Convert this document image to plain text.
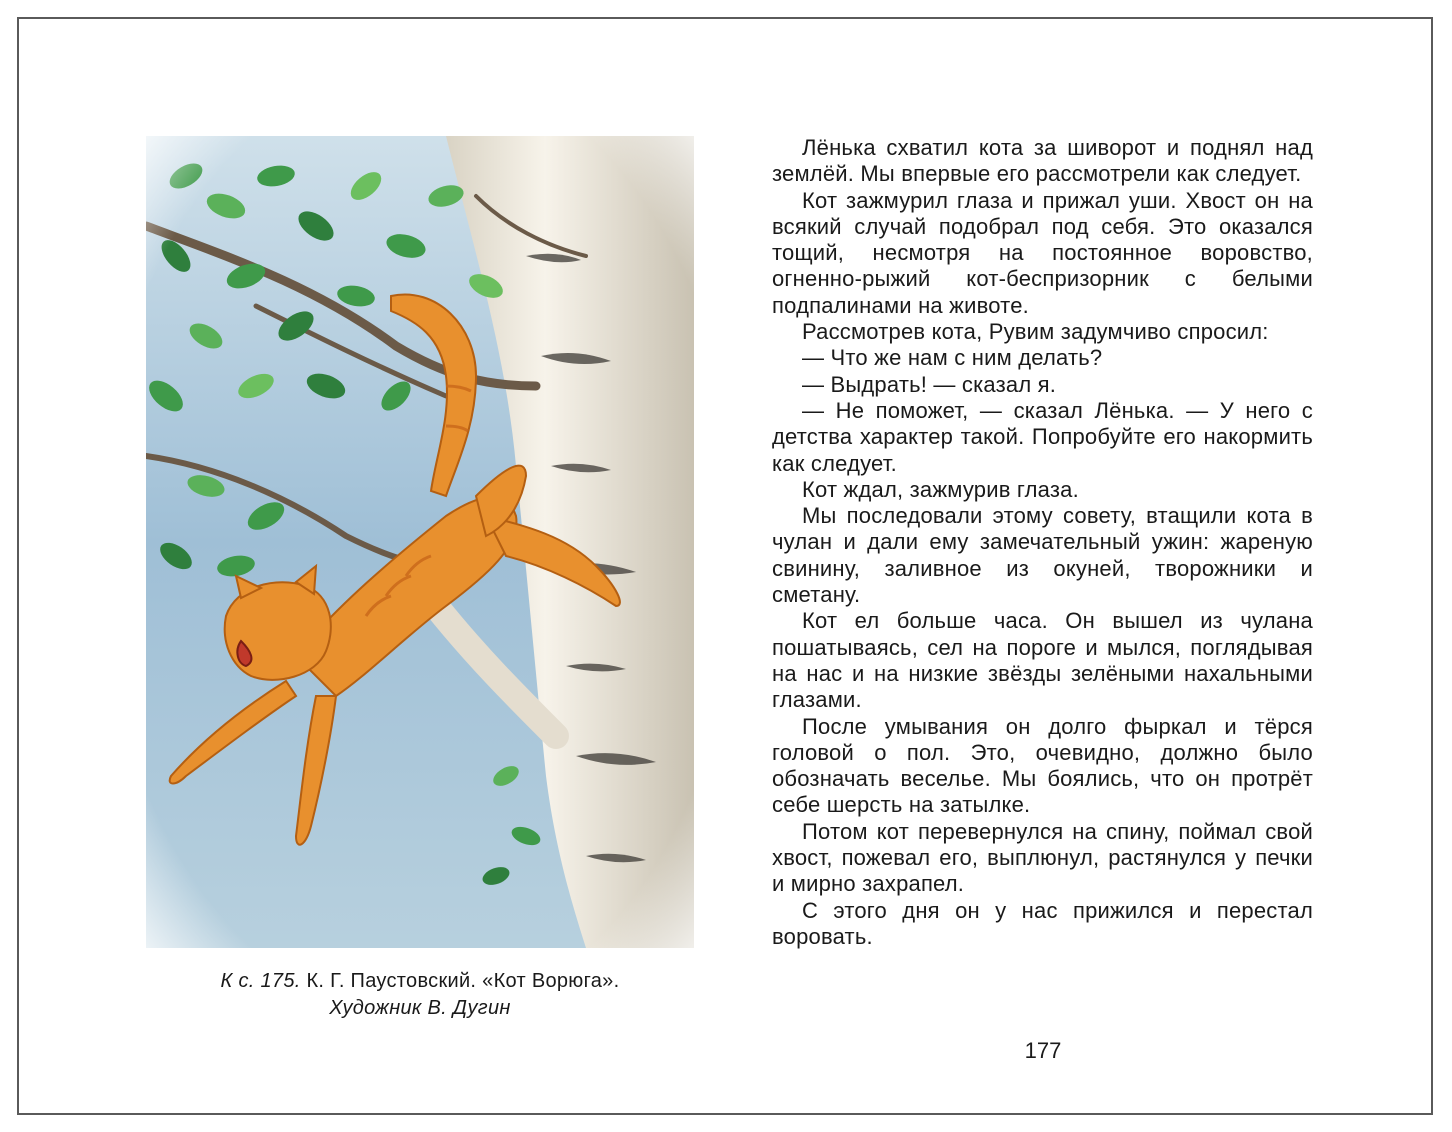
К с. 175. К. Г. Паустовский. «Кот Ворюга».
Художник В. Дугин

Лёнька схватил кота за шиворот и поднял над землёй. Мы впервые его рассмотрели как следует.

Кот зажмурил глаза и прижал уши. Хвост он на всякий случай подобрал под себя. Это оказался тощий, несмотря на постоянное воровство, огненно-рыжий кот-беспризорник с белыми подпалинами на животе.

Рассмотрев кота, Рувим задумчиво спросил:

— Что же нам с ним делать?

— Выдрать! — сказал я.

— Не поможет, — сказал Лёнька. — У него с детства характер такой. Попробуйте его накормить как следует.

Кот ждал, зажмурив глаза.

Мы последовали этому совету, втащили кота в чулан и дали ему замечательный ужин: жареную свинину, заливное из окуней, творожники и сметану.

Кот ел больше часа. Он вышел из чулана пошатываясь, сел на пороге и мылся, поглядывая на нас и на низкие звёзды зелёными нахальными глазами.

После умывания он долго фыркал и тёрся головой о пол. Это, очевидно, должно было обозначать веселье. Мы боялись, что он протрёт себе шерсть на затылке.

Потом кот перевернулся на спину, поймал свой хвост, пожевал его, выплюнул, растянулся у печки и мирно захрапел.

С этого дня он у нас прижился и перестал воровать.

177
